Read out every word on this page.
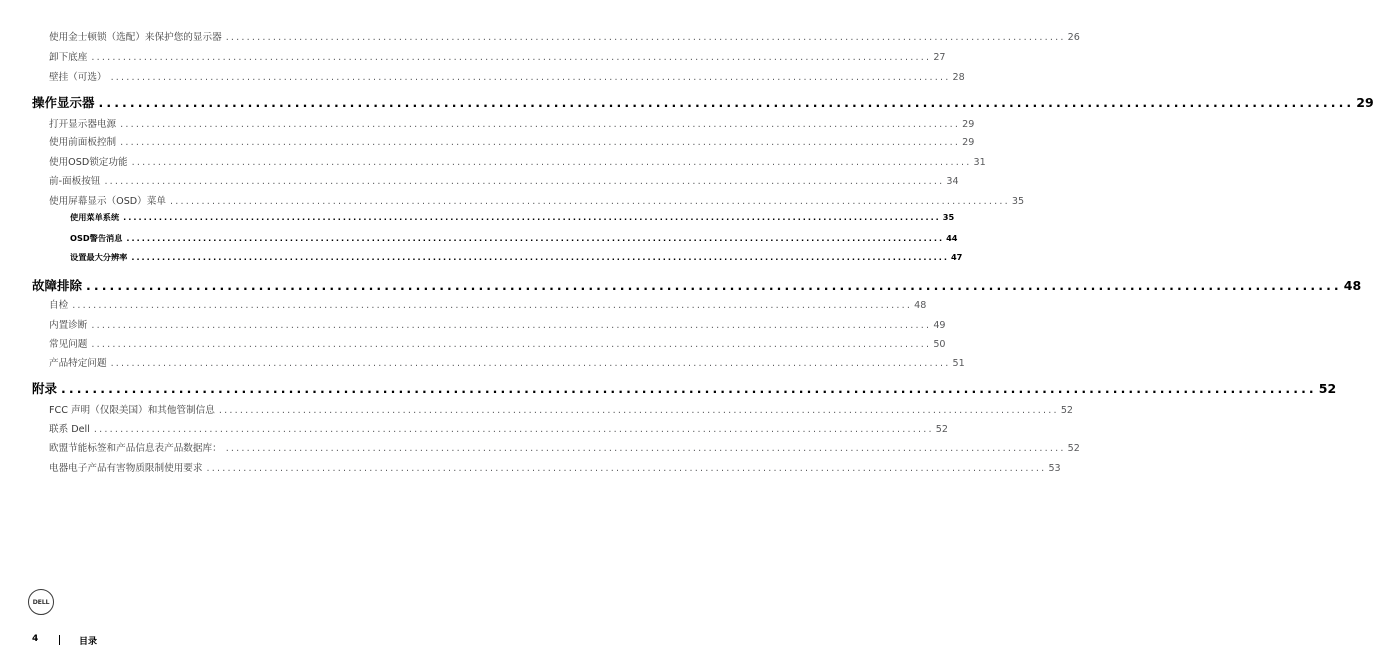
使用金士顿锁（选配）来保护您的显示器 ................................................................................................................................................................ 26
卸下底座 ................................................................................................................................................................ 27
壁挂（可选） ................................................................................................................................................................ 28
操作显示器 ................................................................................................................................................................ 29
打开显示器电源 ................................................................................................................................................................ 29
使用前面板控制 ................................................................................................................................................................ 29
使用OSD锁定功能 ................................................................................................................................................................ 31
前-面板按钮 ................................................................................................................................................................ 34
使用屏幕显示（OSD）菜单 ................................................................................................................................................................ 35
使用菜单系统 ................................................................................................................................................................ 35
OSD警告消息 ................................................................................................................................................................ 44
设置最大分辨率 ................................................................................................................................................................ 47
故障排除 ................................................................................................................................................................ 48
自检 ................................................................................................................................................................ 48
内置诊断 ................................................................................................................................................................ 49
常见问题 ................................................................................................................................................................ 50
产品特定问题 ................................................................................................................................................................ 51
附录 ................................................................................................................................................................ 52
FCC 声明（仅限美国）和其他管制信息 ................................................................................................................................................................ 52
联系 Dell ................................................................................................................................................................ 52
欧盟节能标签和产品信息表产品数据库： ................................................................................................................................................................ 52
电器电子产品有害物质限制使用要求 ................................................................................................................................................................ 53
DELL
4	目录
